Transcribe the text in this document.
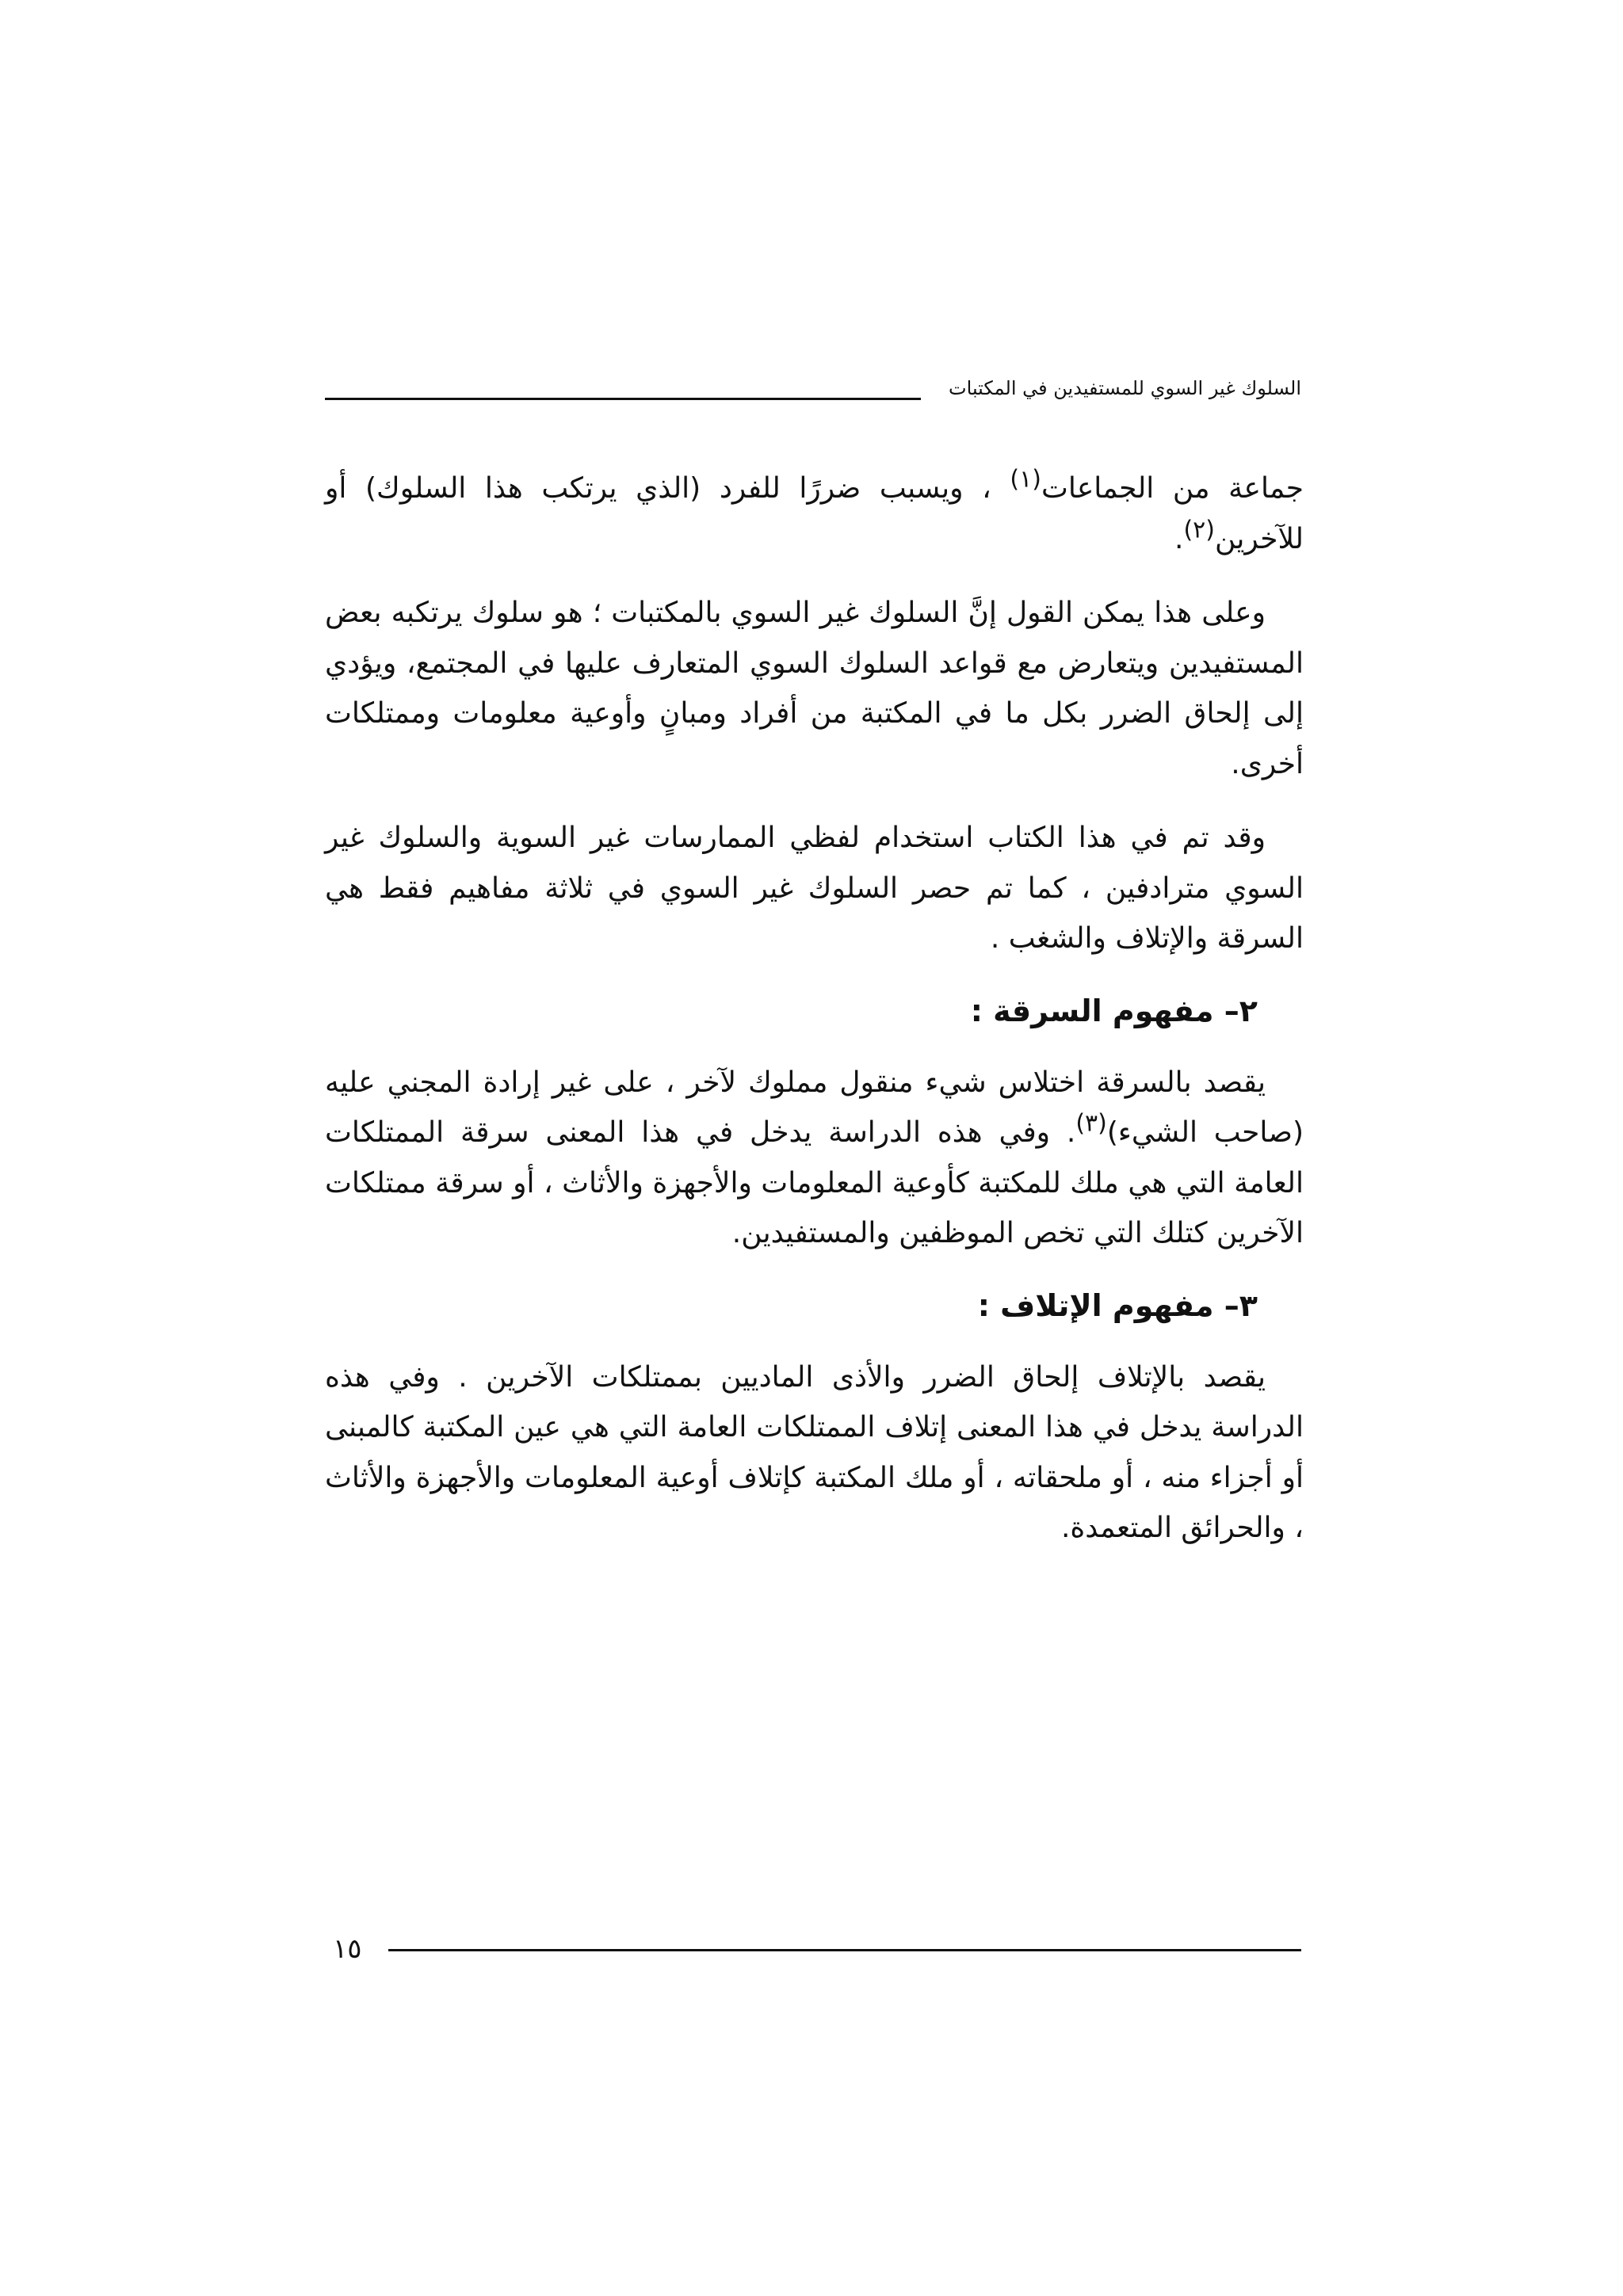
السلوك غير السوي للمستفيدين في المكتبات

جماعة من الجماعات$^{(١)}$ ، ويسبب ضررًا للفرد (الذي يرتكب هذا السلوك) أو للآخرين$^{(٢)}$.

وعلى هذا يمكن القول إنَّ السلوك غير السوي بالمكتبات ؛ هو سلوك يرتكبه بعض المستفيدين ويتعارض مع قواعد السلوك السوي المتعارف عليها في المجتمع، ويؤدي إلى إلحاق الضرر بكل ما في المكتبة من أفراد ومبانٍ وأوعية معلومات وممتلكات أخرى.

وقد تم في هذا الكتاب استخدام لفظي الممارسات غير السوية والسلوك غير السوي مترادفين ، كما تم حصر السلوك غير السوي في ثلاثة مفاهيم فقط هي السرقة والإتلاف والشغب .

٢– مفهوم السرقة :

يقصد بالسرقة اختلاس شيء منقول مملوك لآخر ، على غير إرادة المجني عليه (صاحب الشيء)$^{(٣)}$. وفي هذه الدراسة يدخل في هذا المعنى سرقة الممتلكات العامة التي هي ملك للمكتبة كأوعية المعلومات والأجهزة والأثاث ، أو سرقة ممتلكات الآخرين كتلك التي تخص الموظفين والمستفيدين.

٣– مفهوم الإتلاف :

يقصد بالإتلاف إلحاق الضرر والأذى الماديين بممتلكات الآخرين . وفي هذه الدراسة يدخل في هذا المعنى إتلاف الممتلكات العامة التي هي عين المكتبة كالمبنى أو أجزاء منه ، أو ملحقاته ، أو ملك المكتبة كإتلاف أوعية المعلومات والأجهزة والأثاث ، والحرائق المتعمدة.

١٥
